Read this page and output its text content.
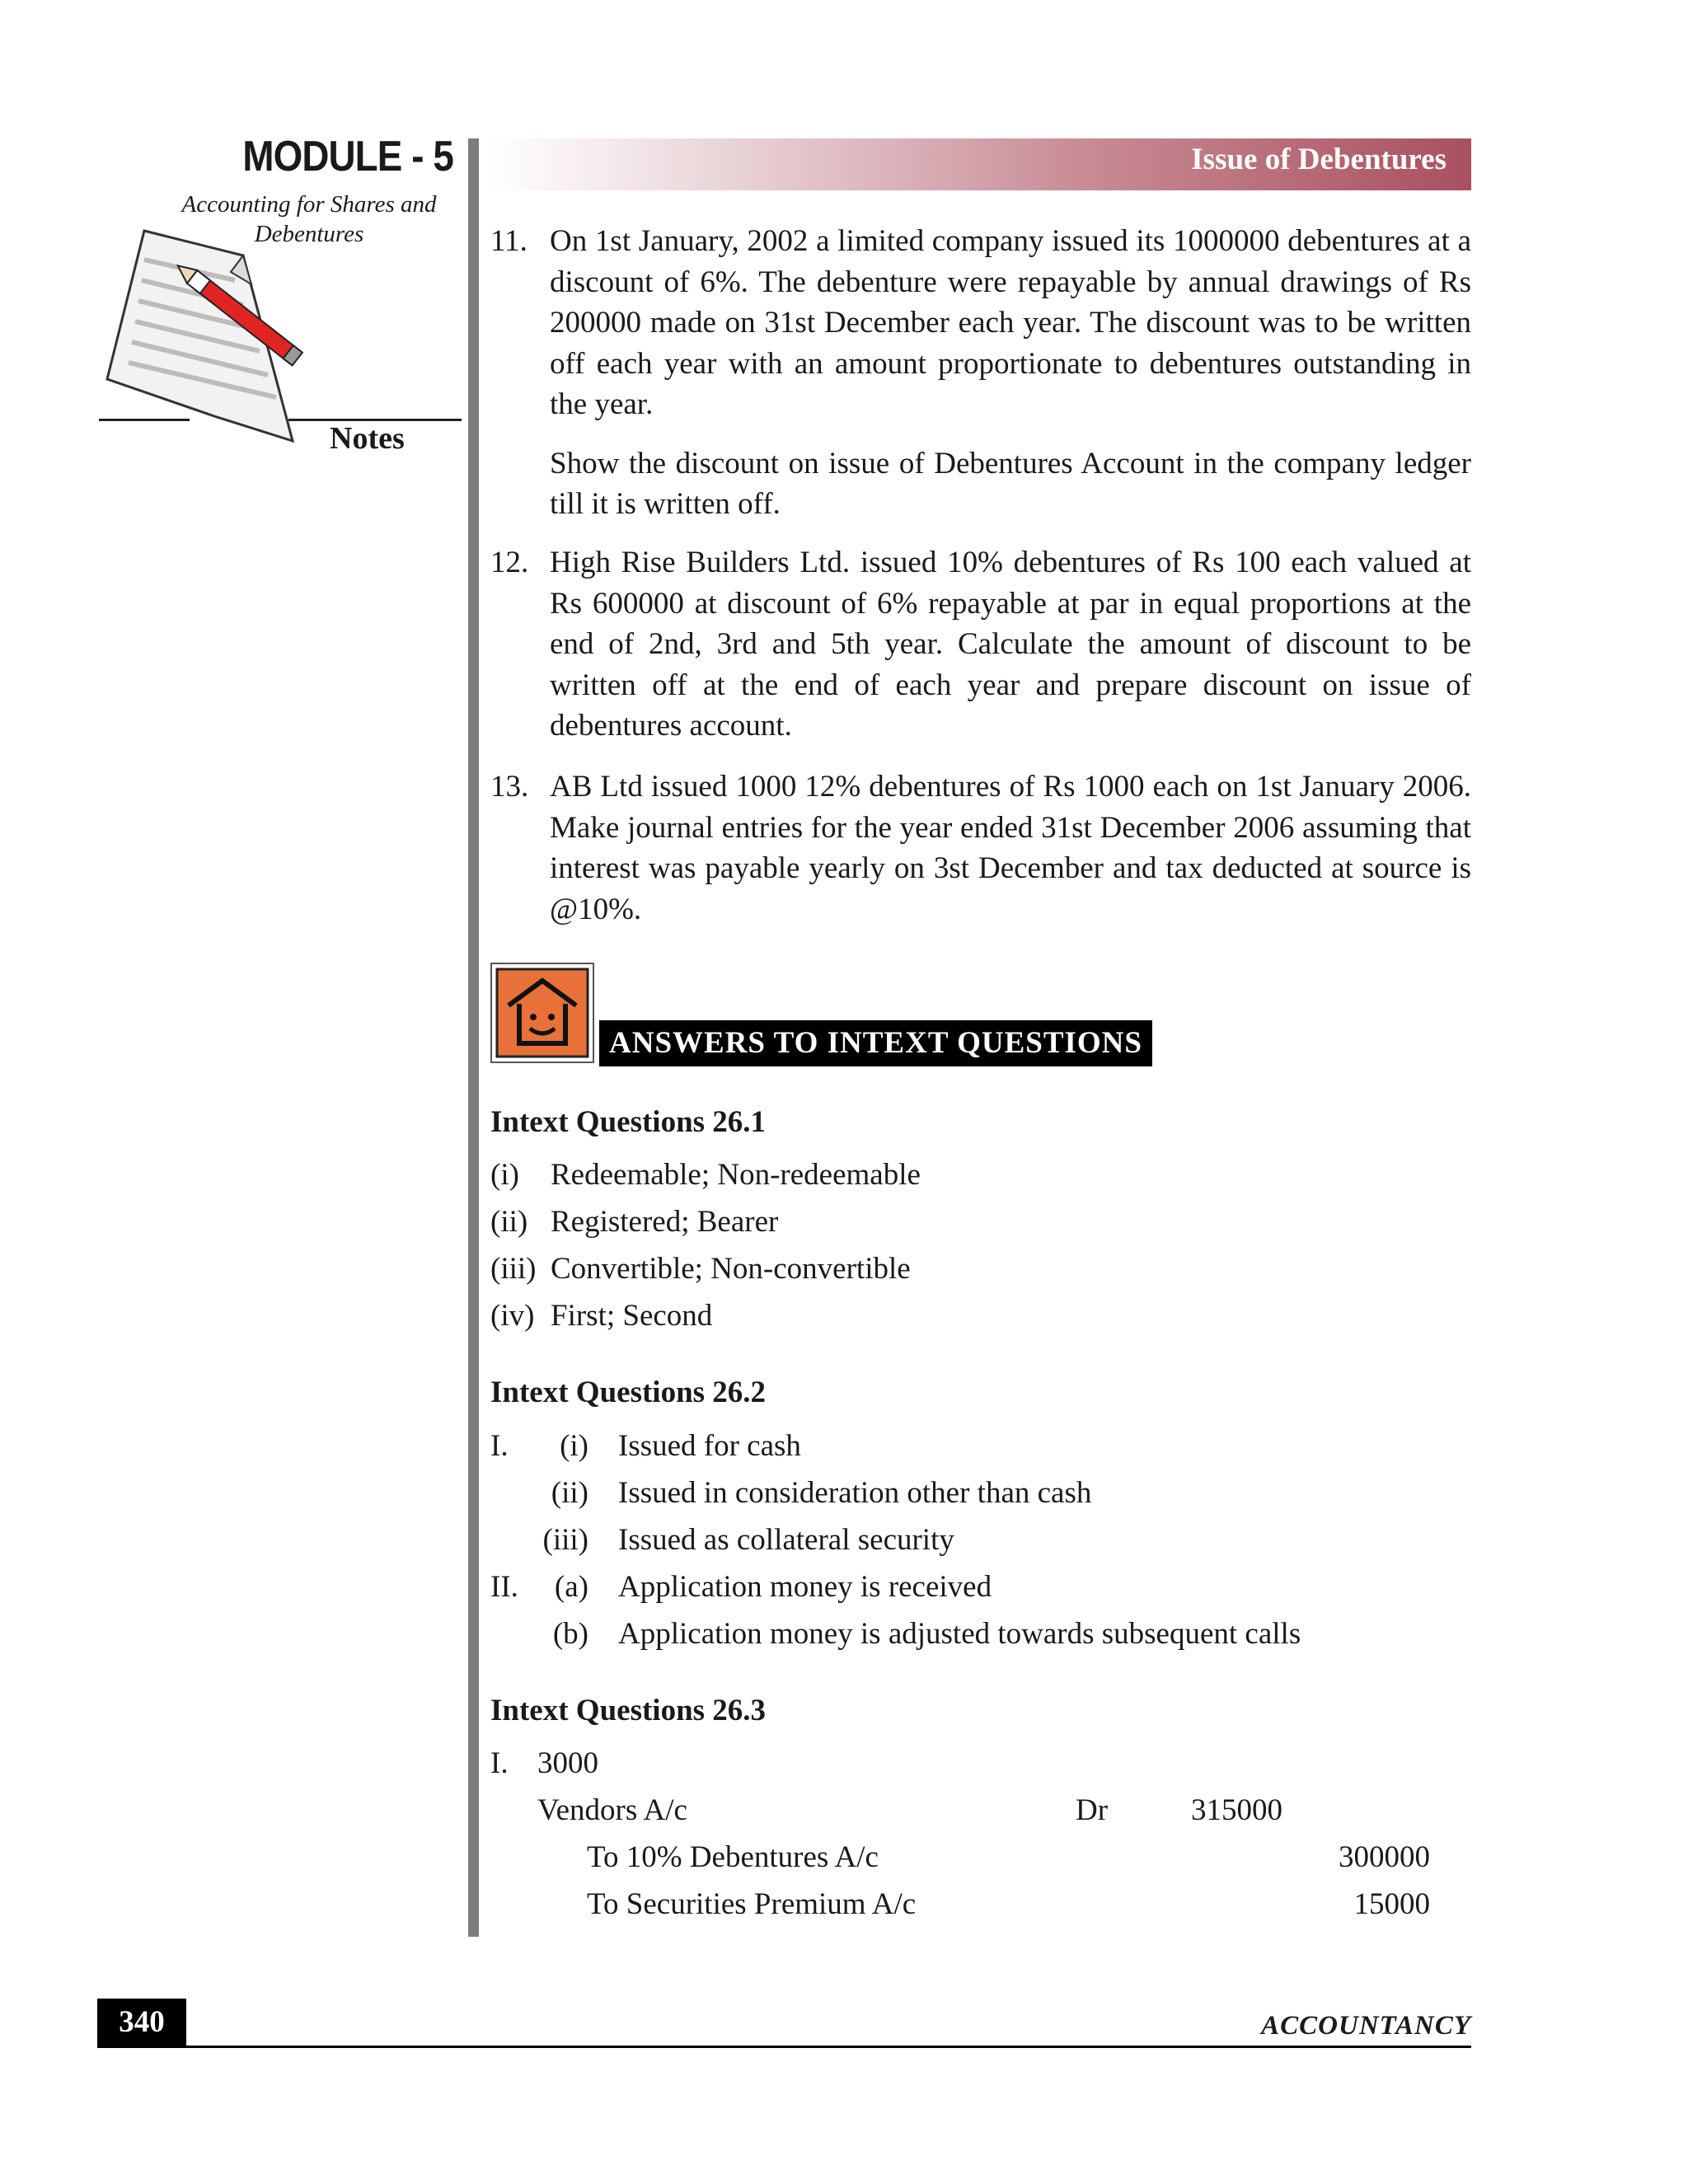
MODULE - 5
Accounting for Shares and
Debentures
Notes
Issue of Debentures
11. On 1st January, 2002 a limited company issued its 1000000 debentures at a discount of 6%. The debenture were repayable by annual drawings of Rs 200000 made on 31st December each year. The discount was to be written off each year with an amount proportionate to debentures outstanding in the year.

Show the discount on issue of Debentures Account in the company ledger till it is written off.

12. High Rise Builders Ltd. issued 10% debentures of Rs 100 each valued at Rs 600000 at discount of 6% repayable at par in equal proportions at the end of 2nd, 3rd and 5th year. Calculate the amount of discount to be written off at the end of each year and prepare discount on issue of debentures account.

13. AB Ltd issued 1000 12% debentures of Rs 1000 each on 1st January 2006. Make journal entries for the year ended 31st December 2006 assuming that interest was payable yearly on 3st December and tax deducted at source is @10%.

ANSWERS TO INTEXT QUESTIONS
Intext Questions 26.1
(i) Redeemable; Non-redeemable
(ii) Registered; Bearer
(iii) Convertible; Non-convertible
(iv) First; Second
Intext Questions 26.2
I. (i) Issued for cash
(ii) Issued in consideration other than cash
(iii) Issued as collateral security
II.	(a) Application money is received
(b) Application money is adjusted towards subsequent calls
Intext Questions 26.3
I. 3000
Vendors A/c	Dr	315000
To 10% Debentures A/c	300000
To Securities Premium A/c	15000
340	ACCOUNTANCY
